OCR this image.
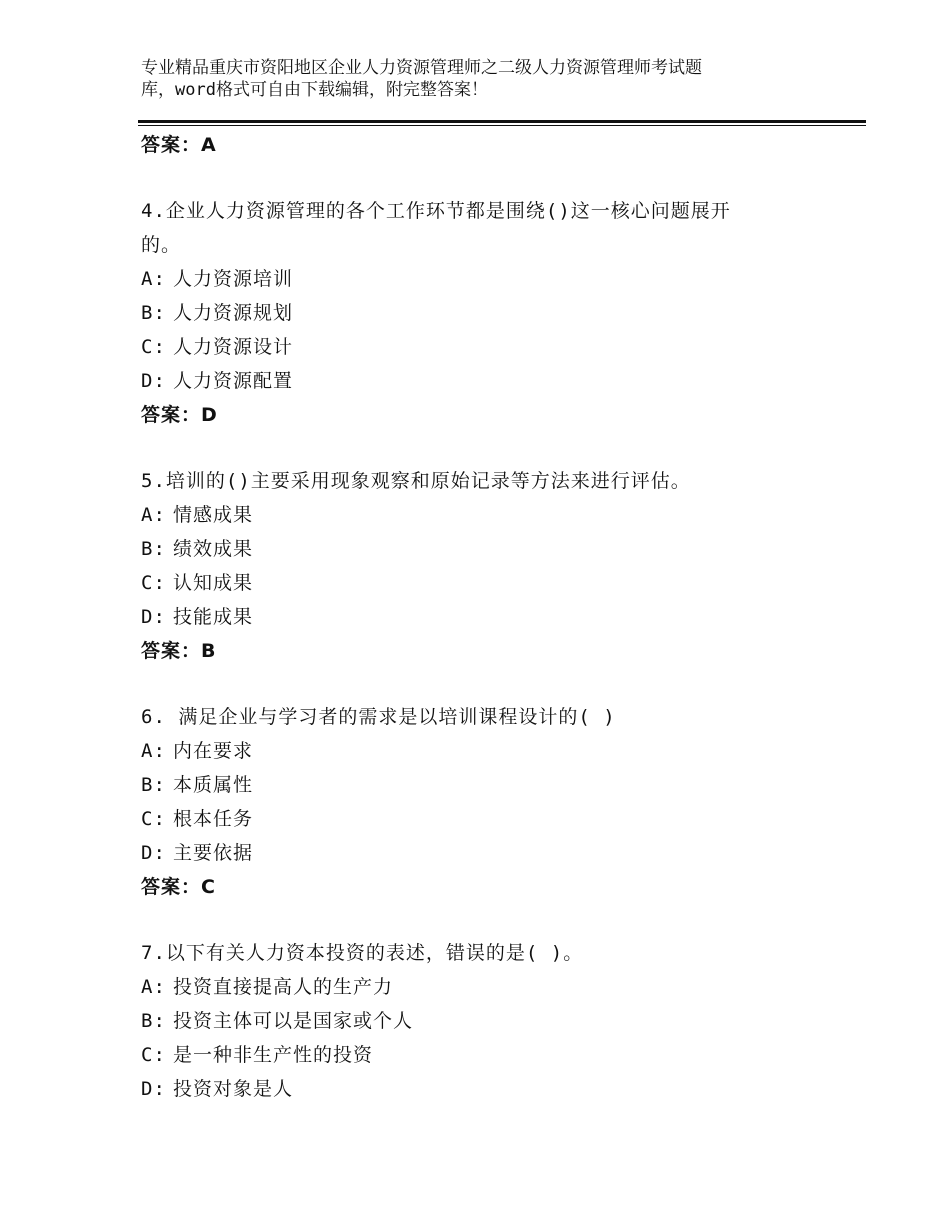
专业精品重庆市资阳地区企业人力资源管理师之二级人力资源管理师考试题
库，word格式可自由下载编辑，附完整答案！
答案：A
4.企业人力资源管理的各个工作环节都是围绕()这一核心问题展开
的。
A: 人力资源培训
B: 人力资源规划
C: 人力资源设计
D: 人力资源配置
答案：D
5.培训的()主要采用现象观察和原始记录等方法来进行评估。
A: 情感成果
B: 绩效成果
C: 认知成果
D: 技能成果
答案：B
6. 满足企业与学习者的需求是以培训课程设计的( )
A: 内在要求
B: 本质属性
C: 根本任务
D: 主要依据
答案：C
7.以下有关人力资本投资的表述，错误的是( )。
A: 投资直接提高人的生产力
B: 投资主体可以是国家或个人
C: 是一种非生产性的投资
D: 投资对象是人
